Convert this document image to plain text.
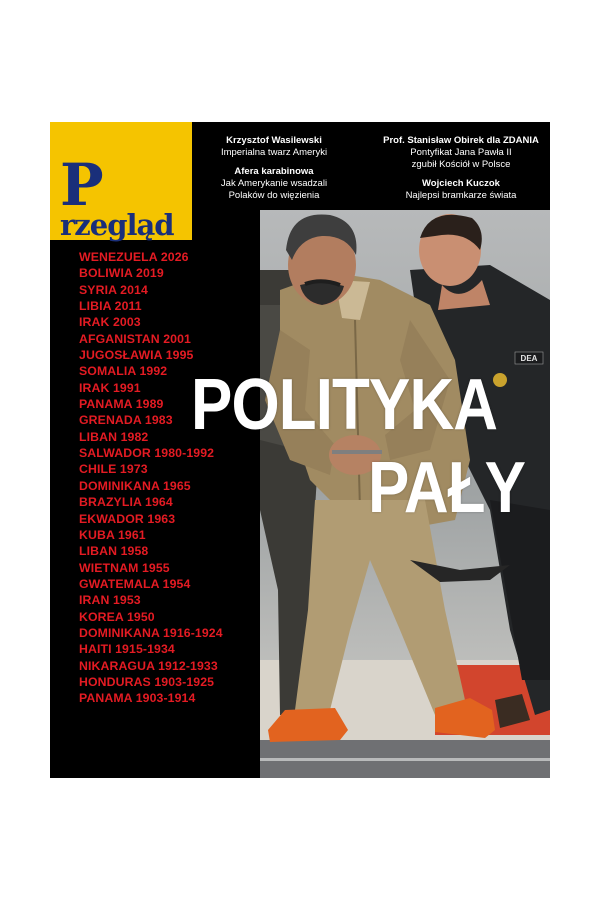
DEA
Przegląd
Krzysztof Wasilewski
Imperialna twarz Ameryki
Prof. Stanisław Obirek dla ZDANIA
Pontyfikat Jana Pawła II
zgubił Kościół w Polsce
Afera karabinowa
Jak Amerykanie wsadzali
Polaków do więzienia
Wojciech Kuczok
Najlepsi bramkarze świata
WENEZUELA 2026
BOLIWIA 2019
SYRIA 2014
LIBIA 2011
IRAK 2003
AFGANISTAN 2001
JUGOSŁAWIA 1995
SOMALIA 1992
IRAK 1991
PANAMA 1989
GRENADA 1983
LIBAN 1982
SALWADOR 1980-1992
CHILE 1973
DOMINIKANA 1965
BRAZYLIA 1964
EKWADOR 1963
KUBA 1961
LIBAN 1958
WIETNAM 1955
GWATEMALA 1954
IRAN 1953
KOREA 1950
DOMINIKANA 1916-1924
HAITI 1915-1934
NIKARAGUA 1912-1933
HONDURAS 1903-1925
PANAMA 1903-1914
POLITYKA
PAŁY
